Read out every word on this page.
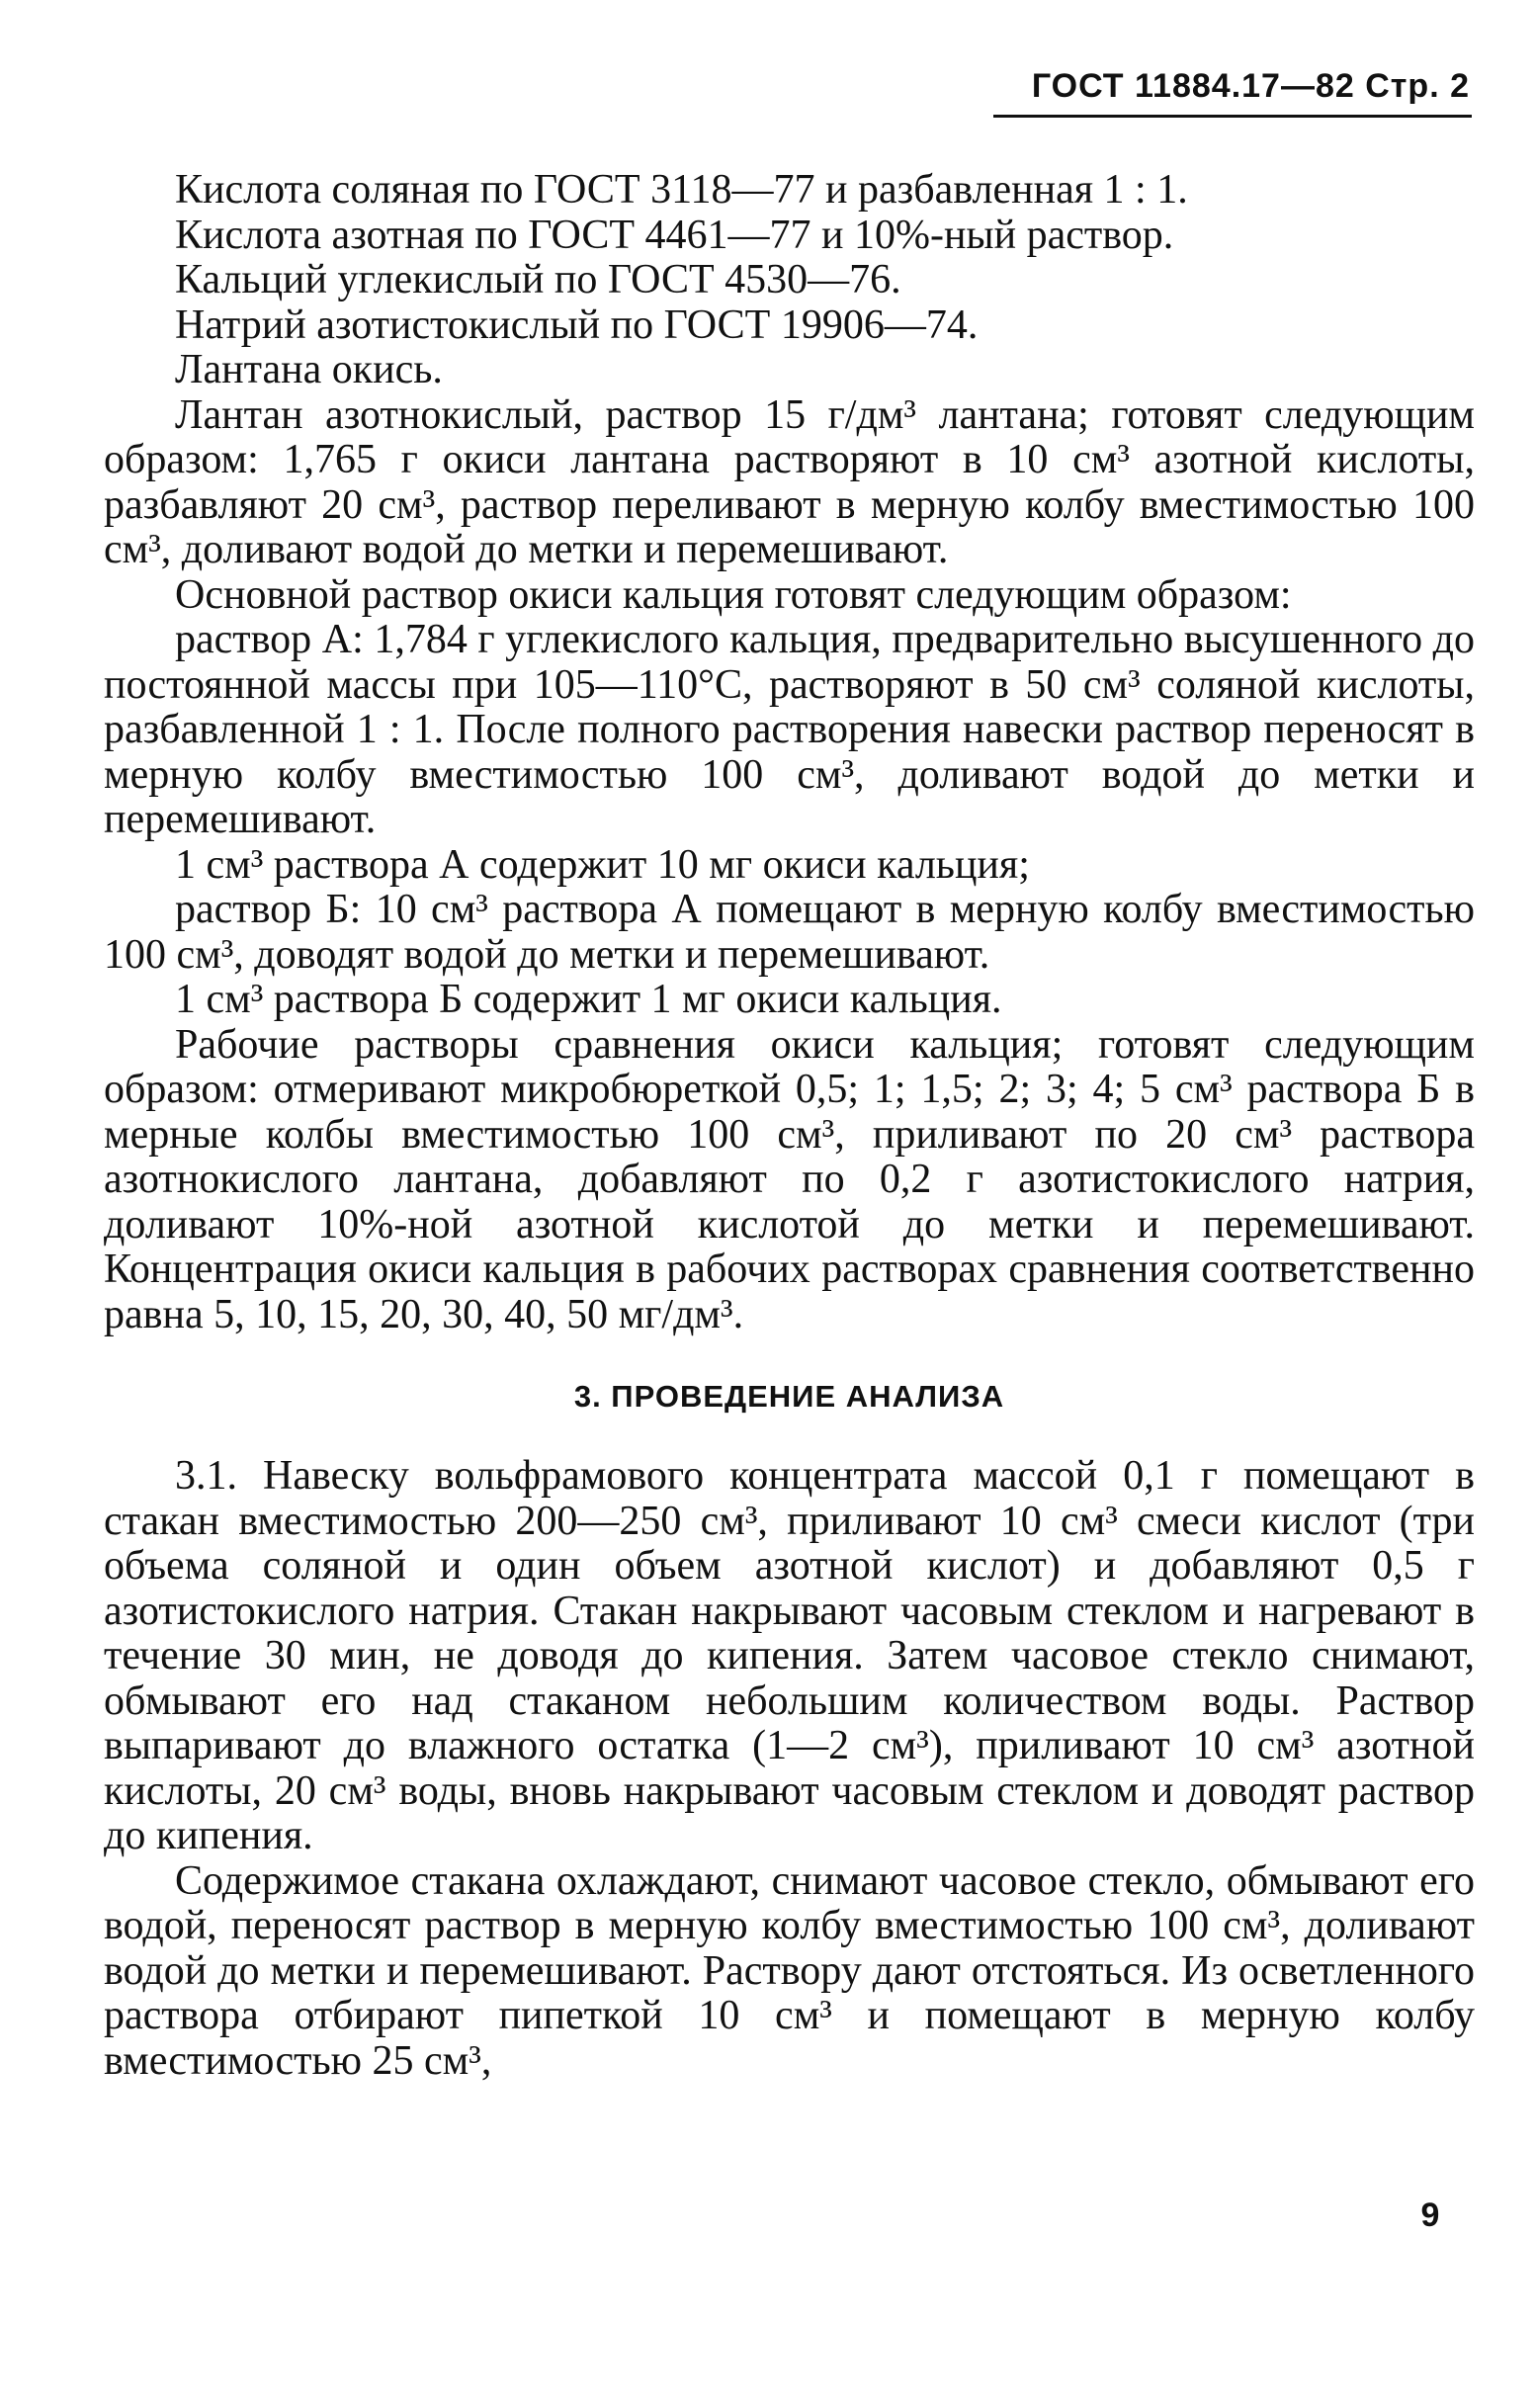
ГОСТ 11884.17—82 Стр. 2

Кислота соляная по ГОСТ 3118—77 и разбавленная 1 : 1.

Кислота азотная по ГОСТ 4461—77 и 10%-ный раствор.

Кальций углекислый по ГОСТ 4530—76.

Натрий азотистокислый по ГОСТ 19906—74.

Лантана окись.

Лантан азотнокислый, раствор 15 г/дм³ лантана; готовят следующим образом: 1,765 г окиси лантана растворяют в 10 см³ азотной кислоты, разбавляют 20 см³, раствор переливают в мерную колбу вместимостью 100 см³, доливают водой до метки и перемешивают.

Основной раствор окиси кальция готовят следующим образом:

раствор А: 1,784 г углекислого кальция, предварительно высушенного до постоянной массы при 105—110°С, растворяют в 50 см³ соляной кислоты, разбавленной 1 : 1. После полного растворения навески раствор переносят в мерную колбу вместимостью 100 см³, доливают водой до метки и перемешивают.

1 см³ раствора А содержит 10 мг окиси кальция;

раствор Б: 10 см³ раствора А помещают в мерную колбу вместимостью 100 см³, доводят водой до метки и перемешивают.

1 см³ раствора Б содержит 1 мг окиси кальция.

Рабочие растворы сравнения окиси кальция; готовят следующим образом: отмеривают микробюреткой 0,5; 1; 1,5; 2; 3; 4; 5 см³ раствора Б в мерные колбы вместимостью 100 см³, приливают по 20 см³ раствора азотнокислого лантана, добавляют по 0,2 г азотистокислого натрия, доливают 10%-ной азотной кислотой до метки и перемешивают. Концентрация окиси кальция в рабочих растворах сравнения соответственно равна 5, 10, 15, 20, 30, 40, 50 мг/дм³.

3. ПРОВЕДЕНИЕ АНАЛИЗА

3.1. Навеску вольфрамового концентрата массой 0,1 г помещают в стакан вместимостью 200—250 см³, приливают 10 см³ смеси кислот (три объема соляной и один объем азотной кислот) и добавляют 0,5 г азотистокислого натрия. Стакан накрывают часовым стеклом и нагревают в течение 30 мин, не доводя до кипения. Затем часовое стекло снимают, обмывают его над стаканом небольшим количеством воды. Раствор выпаривают до влажного остатка (1—2 см³), приливают 10 см³ азотной кислоты, 20 см³ воды, вновь накрывают часовым стеклом и доводят раствор до кипения.

Содержимое стакана охлаждают, снимают часовое стекло, обмывают его водой, переносят раствор в мерную колбу вместимостью 100 см³, доливают водой до метки и перемешивают. Раствору дают отстояться. Из осветленного раствора отбирают пипеткой 10 см³ и помещают в мерную колбу вместимостью 25 см³,

9
